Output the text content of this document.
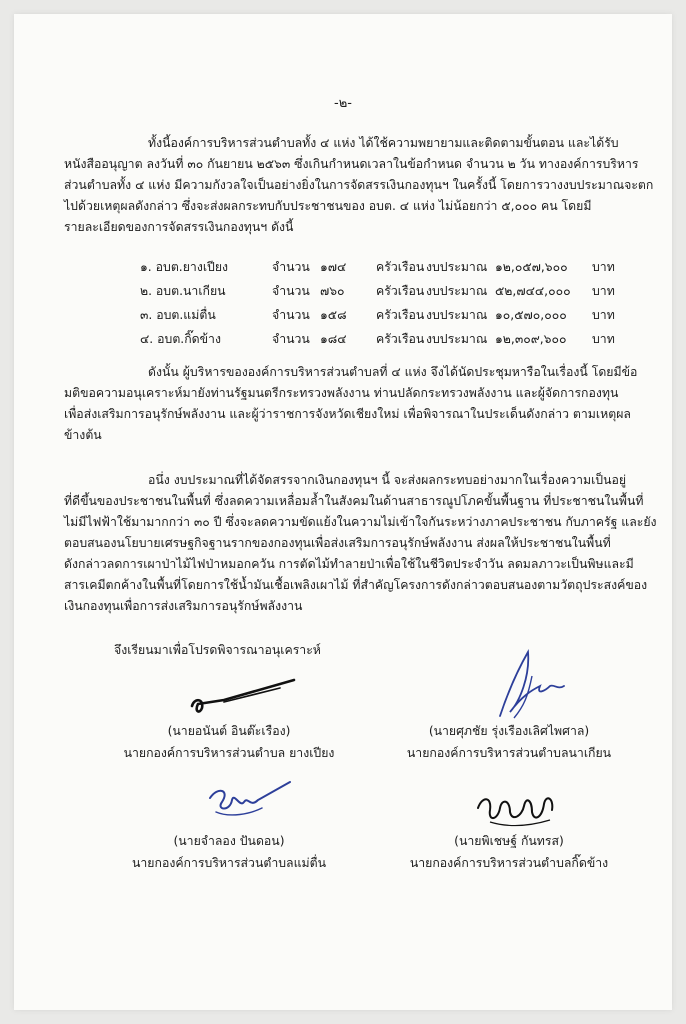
-๒-
ทั้งนี้องค์การบริหารส่วนตำบลทั้ง ๔ แห่ง ได้ใช้ความพยายามและติดตามขั้นตอน และได้รับ
หนังสืออนุญาต ลงวันที่ ๓๐ กันยายน ๒๕๖๓ ซึ่งเกินกำหนดเวลาในข้อกำหนด จำนวน ๒ วัน ทางองค์การบริหาร
ส่วนตำบลทั้ง ๔ แห่ง มีความกังวลใจเป็นอย่างยิ่งในการจัดสรรเงินกองทุนฯ ในครั้งนี้ โดยการวางงบประมาณจะตก
ไปด้วยเหตุผลดังกล่าว ซึ่งจะส่งผลกระทบกับประชาชนของ อบต. ๔ แห่ง ไม่น้อยกว่า ๕,๐๐๐ คน โดยมี
รายละเอียดของการจัดสรรเงินกองทุนฯ ดังนี้
๑. อบต.ยางเปียง	จำนวน ๑๗๔ ครัวเรือน งบประมาณ ๑๒,๐๕๗,๖๐๐ บาท
๒. อบต.นาเกียน	จำนวน ๗๖๐	ครัวเรือน งบประมาณ ๕๒,๗๔๔,๐๐๐ บาท
๓. อบต.แม่ตื่น	จำนวน ๑๕๘ ครัวเรือน งบประมาณ ๑๐,๕๗๐,๐๐๐ บาท
๔. อบต.กิ๊ดข้าง	จำนวน ๑๘๔ ครัวเรือน งบประมาณ ๑๒,๓๐๙,๖๐๐ บาท
ดังนั้น ผู้บริหารขององค์การบริหารส่วนตำบลที่ ๔ แห่ง จึงได้นัดประชุมหารือในเรื่องนี้ โดยมีข้อ
มติขอความอนุเคราะห์มายังท่านรัฐมนตรีกระทรวงพลังงาน ท่านปลัดกระทรวงพลังงาน และผู้จัดการกองทุน
เพื่อส่งเสริมการอนุรักษ์พลังงาน และผู้ว่าราชการจังหวัดเชียงใหม่ เพื่อพิจารณาในประเด็นดังกล่าว ตามเหตุผล
ข้างต้น
อนึ่ง งบประมาณที่ได้จัดสรรจากเงินกองทุนฯ นี้ จะส่งผลกระทบอย่างมากในเรื่องความเป็นอยู่
ที่ดีขึ้นของประชาชนในพื้นที่ ซึ่งลดความเหลื่อมล้ำในสังคมในด้านสาธารณูปโภคขั้นพื้นฐาน ที่ประชาชนในพื้นที่
ไม่มีไฟฟ้าใช้มามากกว่า ๓๐ ปี ซึ่งจะลดความขัดแย้งในความไม่เข้าใจกันระหว่างภาคประชาชน กับภาครัฐ และยัง
ตอบสนองนโยบายเศรษฐกิจฐานรากของกองทุนเพื่อส่งเสริมการอนุรักษ์พลังงาน ส่งผลให้ประชาชนในพื้นที่
ดังกล่าวลดการเผาป่าไม้ไฟป่าหมอกควัน การตัดไม้ทำลายป่าเพื่อใช้ในชีวิตประจำวัน ลดมลภาวะเป็นพิษและมี
สารเคมีตกค้างในพื้นที่โดยการใช้น้ำมันเชื้อเพลิงเผาไม้ ที่สำคัญโครงการดังกล่าวตอบสนองตามวัตถุประสงค์ของ
เงินกองทุนเพื่อการส่งเสริมการอนุรักษ์พลังงาน
จึงเรียนมาเพื่อโปรดพิจารณาอนุเคราะห์
(นายอนันต์ อินต๊ะเรือง)
นายกองค์การบริหารส่วนตำบล ยางเปียง
(นายศุภชัย รุ่งเรืองเลิศไพศาล)
นายกองค์การบริหารส่วนตำบลนาเกียน
(นายจำลอง ปันดอน)
นายกองค์การบริหารส่วนตำบลแม่ตื่น
(นายพิเชษฐ์ กันทรส)
นายกองค์การบริหารส่วนตำบลกิ๊ดข้าง
